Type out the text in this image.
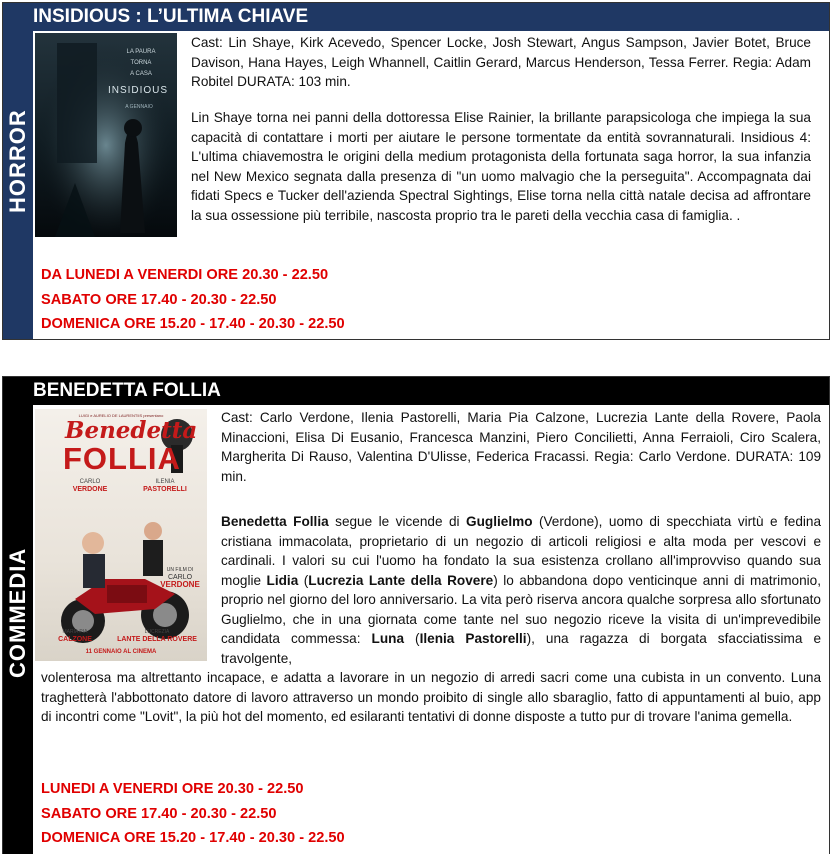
INSIDIOUS : L’ULTIMA CHIAVE
HORROR
LA PAURA
TORNA
A CASA
INSIDIOUS
A GENNAIO
Cast: Lin Shaye, Kirk Acevedo, Spencer Locke, Josh Stewart, Angus Sampson, Javier Botet, Bruce Davison, Hana Hayes, Leigh Whannell, Caitlin Gerard, Marcus Henderson, Tessa Ferrer. Regia: Adam Robitel DURATA: 103 min.
Lin Shaye torna nei panni della dottoressa Elise Rainier, la brillante parapsicologa che impiega la sua capacità di contattare i morti per aiutare le persone tormentate da entità sovrannaturali. Insidious 4: L'ultima chiavemostra le origini della medium protagonista della fortunata saga horror, la sua infanzia nel New Mexico segnata dalla presenza di "un uomo malvagio che la perseguita". Accompagnata dai fidati Specs e Tucker dell'azienda Spectral Sightings, Elise torna nella città natale decisa ad affrontare la sua ossessione più terribile, nascosta proprio tra le pareti della vecchia casa di famiglia. .
DA LUNEDI A VENERDI ORE 20.30 - 22.50
SABATO ORE 17.40 - 20.30 - 22.50
DOMENICA ORE 15.20 - 17.40 - 20.30 - 22.50
BENEDETTA FOLLIA
COMMEDIA
LUIGI e AURELIO DE LAURENTIIS presentano
Benedetta
FOLLIA
CARLO
VERDONE
ILENIA
PASTORELLI
UN FILM DI
CARLO
VERDONE
MARIA PIA
CALZONE
LUCREZIA
LANTE DELLA ROVERE
11 GENNAIO AL CINEMA
Cast: Carlo Verdone, Ilenia Pastorelli, Maria Pia Calzone, Lucrezia Lante della Rovere, Paola Minaccioni, Elisa Di Eusanio, Francesca Manzini, Piero Concilietti, Anna Ferraioli, Ciro Scalera, Margherita Di Rauso, Valentina D'Ulisse, Federica Fracassi. Regia: Carlo Verdone. DURATA: 109 min.
Benedetta Follia segue le vicende di Guglielmo (Verdone), uomo di specchiata virtù e fedina cristiana immacolata, proprietario di un negozio di articoli religiosi e alta moda per vescovi e cardinali. I valori su cui l'uomo ha fondato la sua esistenza crollano all'improvviso quando sua moglie Lidia (Lucrezia Lante della Rovere) lo abbandona dopo venticinque anni di matrimonio, proprio nel giorno del loro anniversario. La vita però riserva ancora qualche sorpresa allo sfortunato Guglielmo, che in una giornata come tante nel suo negozio riceve la visita di un'imprevedibile candidata commessa: Luna (Ilenia Pastorelli), una ragazza di borgata sfacciatissima e travolgente,
volenterosa ma altrettanto incapace, e adatta a lavorare in un negozio di arredi sacri come una cubista in un convento. Luna traghetterà l'abbottonato datore di lavoro attraverso un mondo proibito di single allo sbaraglio, fatto di appuntamenti al buio, app di incontri come "Lovit", la più hot del momento, ed esilaranti tentativi di donne disposte a tutto pur di trovare l'anima gemella.
LUNEDI A VENERDI ORE 20.30 - 22.50
SABATO ORE 17.40 - 20.30 - 22.50
DOMENICA ORE 15.20 - 17.40 - 20.30 - 22.50
